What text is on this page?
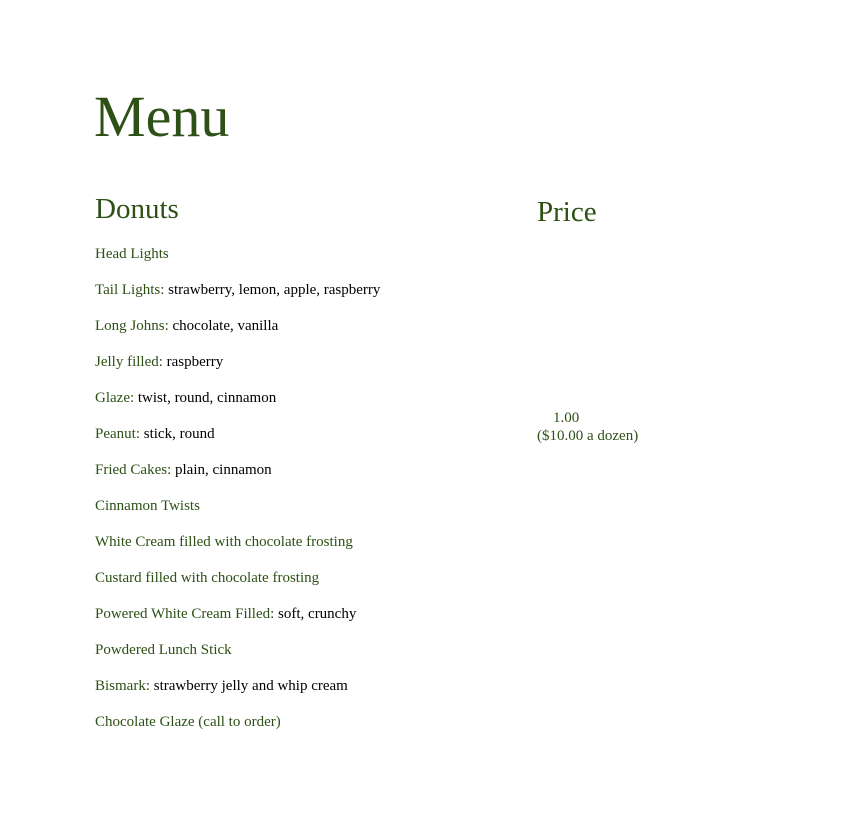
Menu
Donuts	Price
Head Lights
Tail Lights: strawberry, lemon, apple, raspberry
Long Johns: chocolate, vanilla
Jelly filled: raspberry
Glaze: twist, round, cinnamon
Peanut: stick, round
Fried Cakes: plain, cinnamon
Cinnamon Twists
White Cream filled with chocolate frosting
Custard filled with chocolate frosting
Powered White Cream Filled: soft, crunchy
Powdered Lunch Stick
Bismark: strawberry jelly and whip cream
Chocolate Glaze (call to order)
1.00
($10.00 a dozen)
